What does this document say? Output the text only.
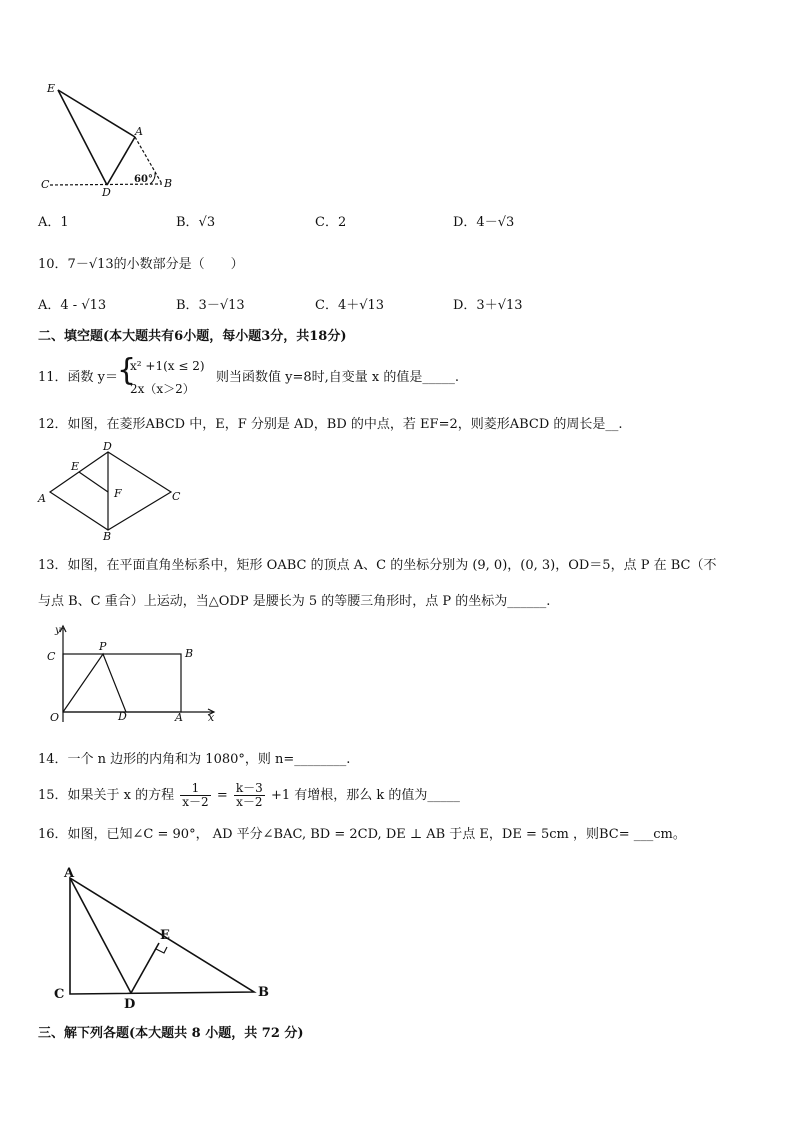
E
A
C
D
B
60°
A．1	B．√3	C．2	D．4－√3
10．7－√13的小数部分是（　　）
A．4 - √13	B．3－√13	C．4＋√13	D．3＋√13
二、填空题(本大题共有6小题，每小题3分，共18分)
11．函数 y＝
{
x² +1(x ≤ 2)
2x（x＞2）
则当函数值 y=8时,自变量 x 的值是_____.
12．如图，在菱形ABCD 中，E，F 分别是 AD，BD 的中点，若 EF=2，则菱形ABCD 的周长是__.
D
E
A	F	C
B
13．如图，在平面直角坐标系中，矩形 OABC 的顶点 A、C 的坐标分别为 (9, 0)，(0, 3)，OD＝5，点 P 在 BC（不
与点 B、C 重合）上运动，当△ODP 是腰长为 5 的等腰三角形时，点 P 的坐标为______.
y
P
C	B
O	D	A x
14．一个 n 边形的内角和为 1080°，则 n=________.
15．如果关于 x 的方程 $\frac{1}{x-2} = \frac{k-3}{x-2} +1$ 有增根，那么 k 的值为_____
16．如图，已知∠C = 90°， AD 平分∠BAC, BD = 2CD, DE ⊥ AB 于点 E，DE = 5cm ，则BC= ___cm。
A
E
C
D
B
三、解下列各题(本大题共 8 小题，共 72 分)
